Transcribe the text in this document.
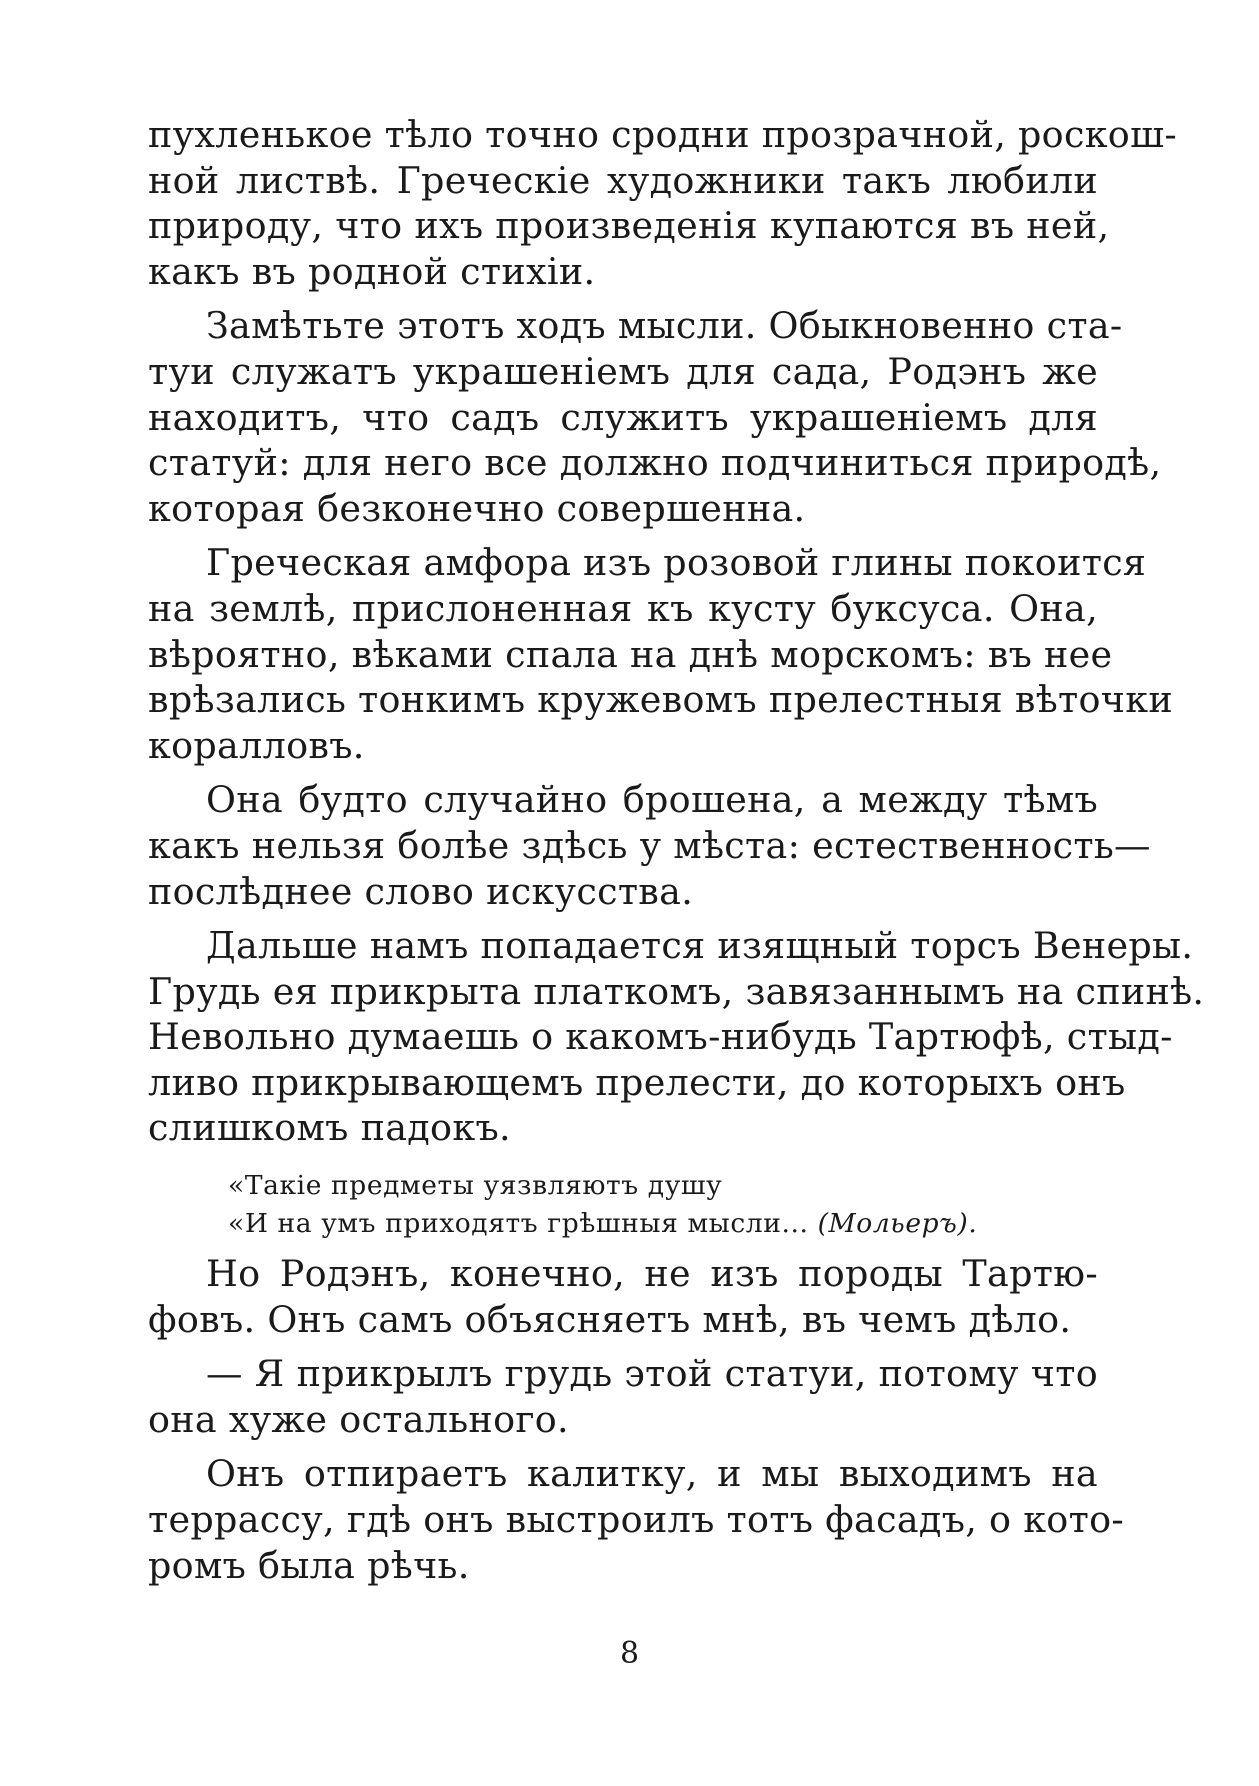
пухленькое тѣло точно сродни прозрачной, роскош-
ной листвѣ. Греческіе художники такъ любили
природу, что ихъ произведенія купаются въ ней,
какъ въ родной стихіи.
Замѣтьте этотъ ходъ мысли. Обыкновенно ста-
туи служатъ украшеніемъ для сада, Родэнъ же
находитъ, что садъ служитъ украшеніемъ для
статуй: для него все должно подчиниться природѣ,
которая безконечно совершенна.
Греческая амфора изъ розовой глины покоится
на землѣ, прислоненная къ кусту буксуса. Она,
вѣроятно, вѣками спала на днѣ морскомъ: въ нее
врѣзались тонкимъ кружевомъ прелестныя вѣточки
коралловъ.
Она будто случайно брошена, а между тѣмъ
какъ нельзя болѣе здѣсь у мѣста: естественность—
послѣднее слово искусства.
Дальше намъ попадается изящный торсъ Венеры.
Грудь ея прикрыта платкомъ, завязаннымъ на спинѣ.
Невольно думаешь о какомъ-нибудь Тартюфѣ, стыд-
ливо прикрывающемъ прелести, до которыхъ онъ
слишкомъ падокъ.
«Такіе предметы уязвляютъ душу
«И на умъ приходятъ грѣшныя мысли... (Мольеръ).
Но Родэнъ, конечно, не изъ породы Тартю-
фовъ. Онъ самъ объясняетъ мнѣ, въ чемъ дѣло.
— Я прикрылъ грудь этой статуи, потому что
она хуже остального.
Онъ отпираетъ калитку, и мы выходимъ на
террассу, гдѣ онъ выстроилъ тотъ фасадъ, о кото-
ромъ была рѣчь.
8
